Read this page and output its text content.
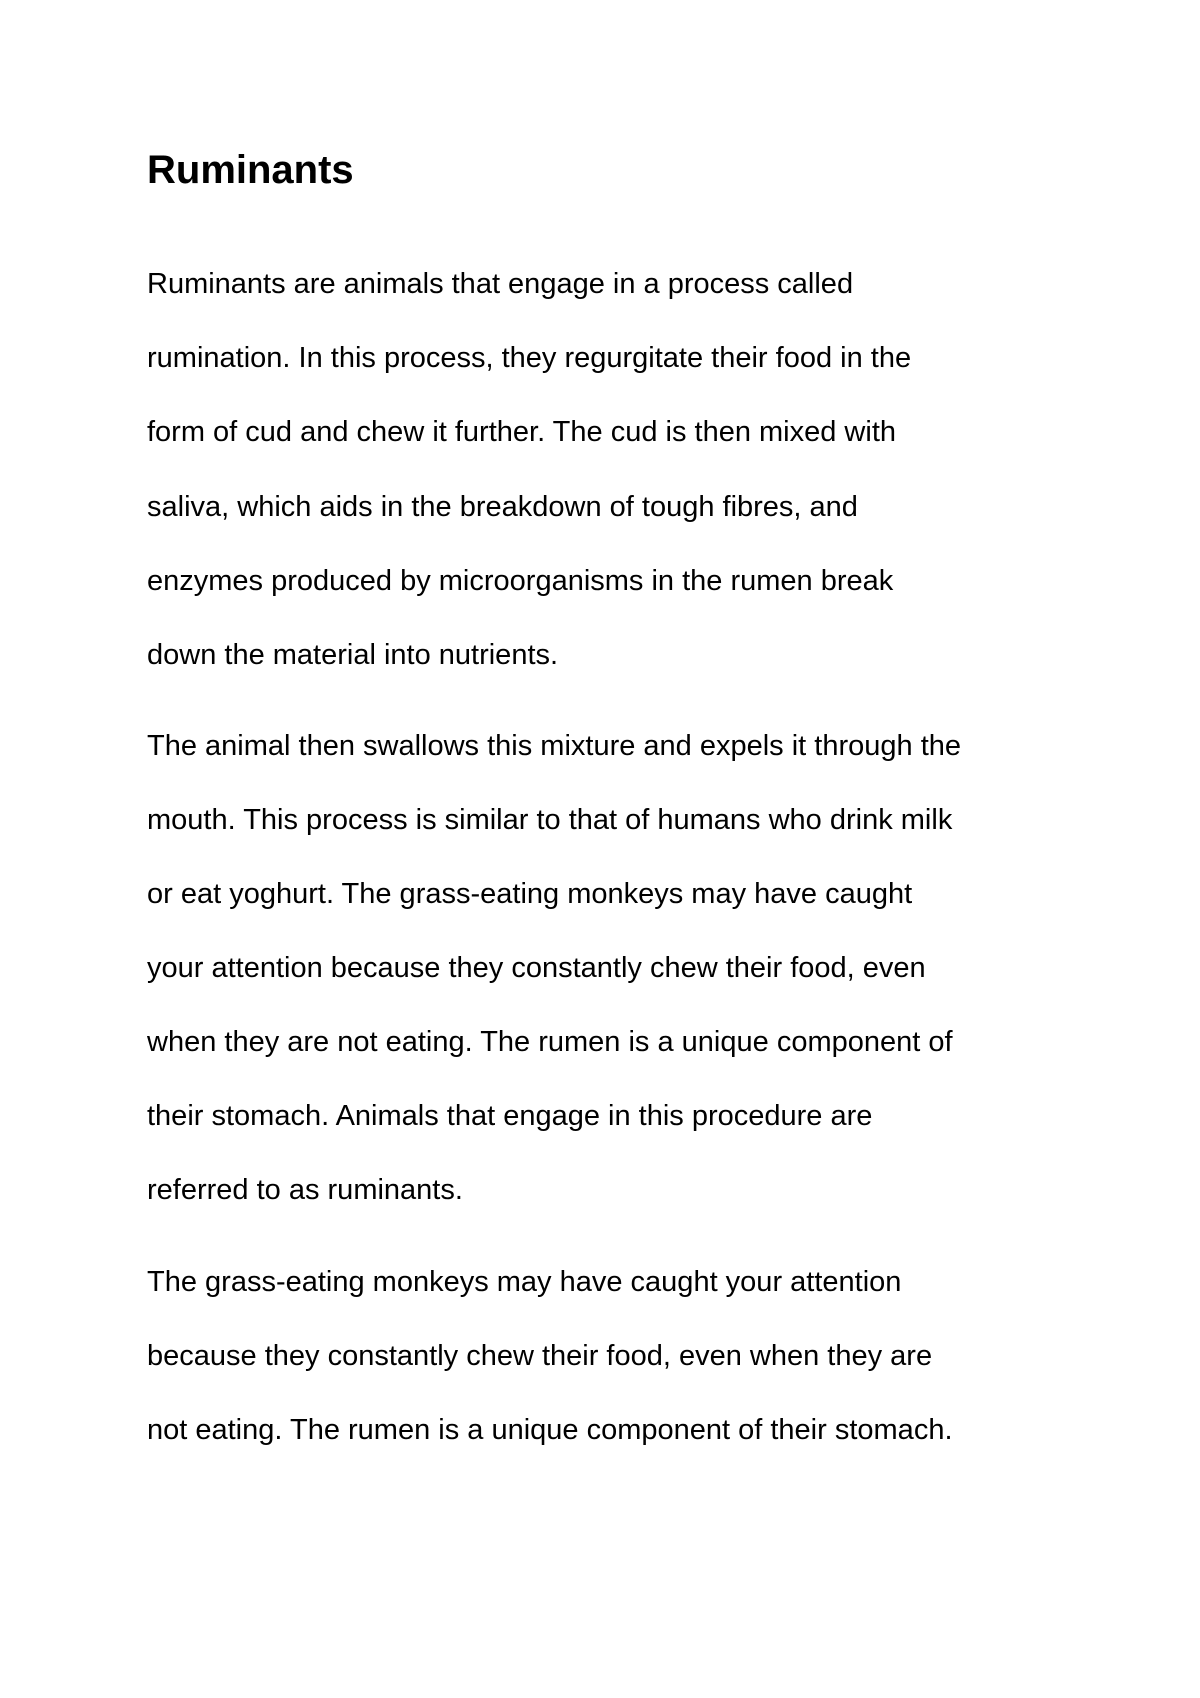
Ruminants

Ruminants are animals that engage in a process called

rumination. In this process, they regurgitate their food in the

form of cud and chew it further. The cud is then mixed with

saliva, which aids in the breakdown of tough fibres, and

enzymes produced by microorganisms in the rumen break

down the material into nutrients.

The animal then swallows this mixture and expels it through the

mouth. This process is similar to that of humans who drink milk

or eat yoghurt. The grass-eating monkeys may have caught

your attention because they constantly chew their food, even

when they are not eating. The rumen is a unique component of

their stomach. Animals that engage in this procedure are

referred to as ruminants.

The grass-eating monkeys may have caught your attention

because they constantly chew their food, even when they are

not eating. The rumen is a unique component of their stomach.
